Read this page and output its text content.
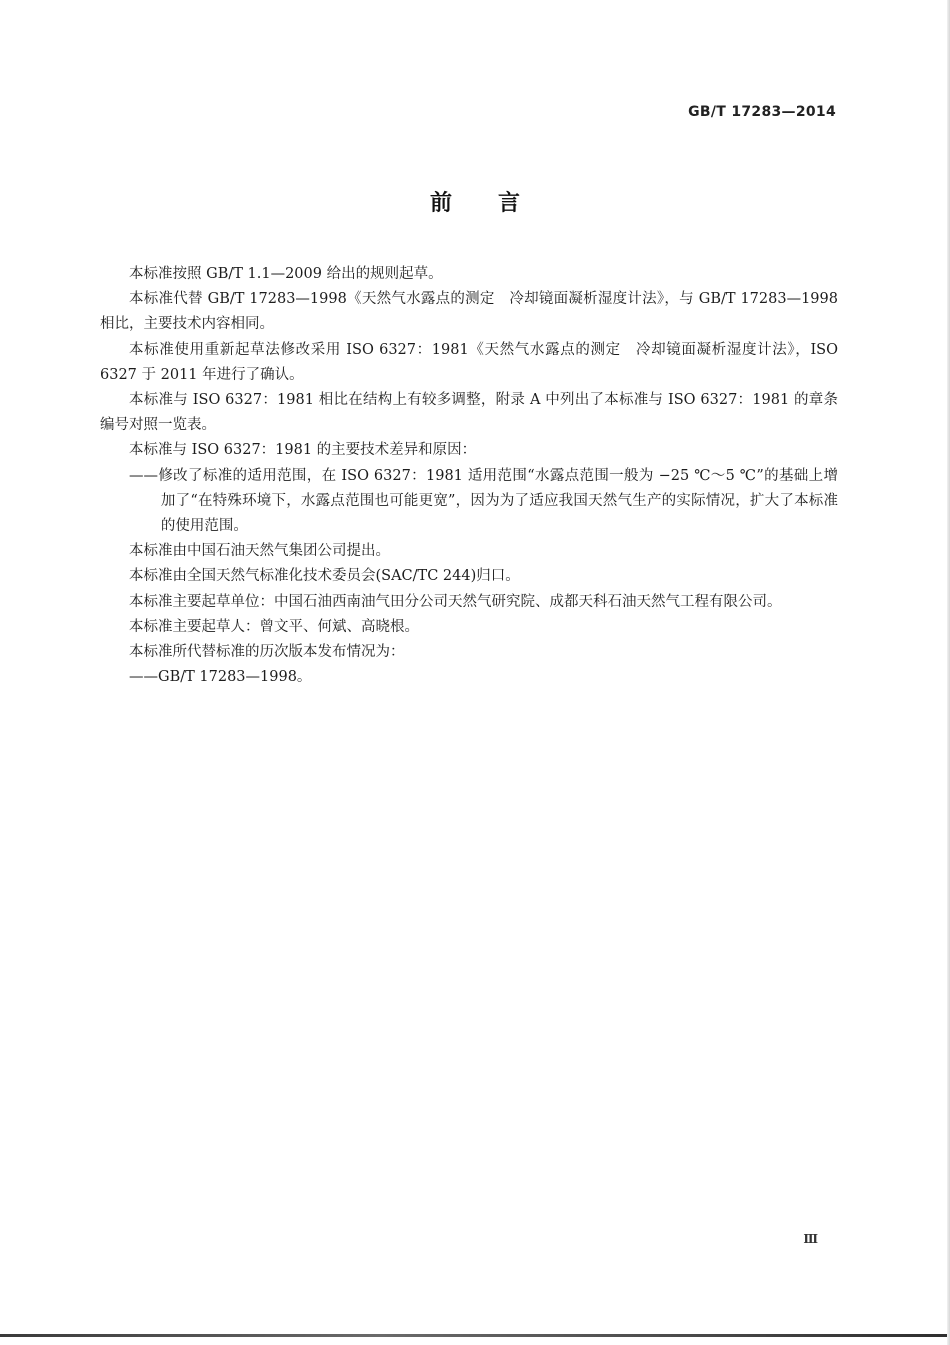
GB/T 17283—2014
前言

本标准按照 GB/T 1.1—2009 给出的规则起草。

本标准代替 GB/T 17283—1998《天然气水露点的测定　冷却镜面凝析湿度计法》，与 GB/T 17283—1998 相比，主要技术内容相同。

本标准使用重新起草法修改采用 ISO 6327：1981《天然气水露点的测定　冷却镜面凝析湿度计法》，ISO 6327 于 2011 年进行了确认。

本标准与 ISO 6327：1981 相比在结构上有较多调整，附录 A 中列出了本标准与 ISO 6327：1981 的章条编号对照一览表。

本标准与 ISO 6327：1981 的主要技术差异和原因：

——修改了标准的适用范围，在 ISO 6327：1981 适用范围“水露点范围一般为 −25 ℃～5 ℃”的基础上增加了“在特殊环境下，水露点范围也可能更宽”，因为为了适应我国天然气生产的实际情况，扩大了本标准的使用范围。

本标准由中国石油天然气集团公司提出。

本标准由全国天然气标准化技术委员会(SAC/TC 244)归口。

本标准主要起草单位：中国石油西南油气田分公司天然气研究院、成都天科石油天然气工程有限公司。

本标准主要起草人：曾文平、何斌、高晓根。

本标准所代替标准的历次版本发布情况为：

——GB/T 17283—1998。

Ⅲ
